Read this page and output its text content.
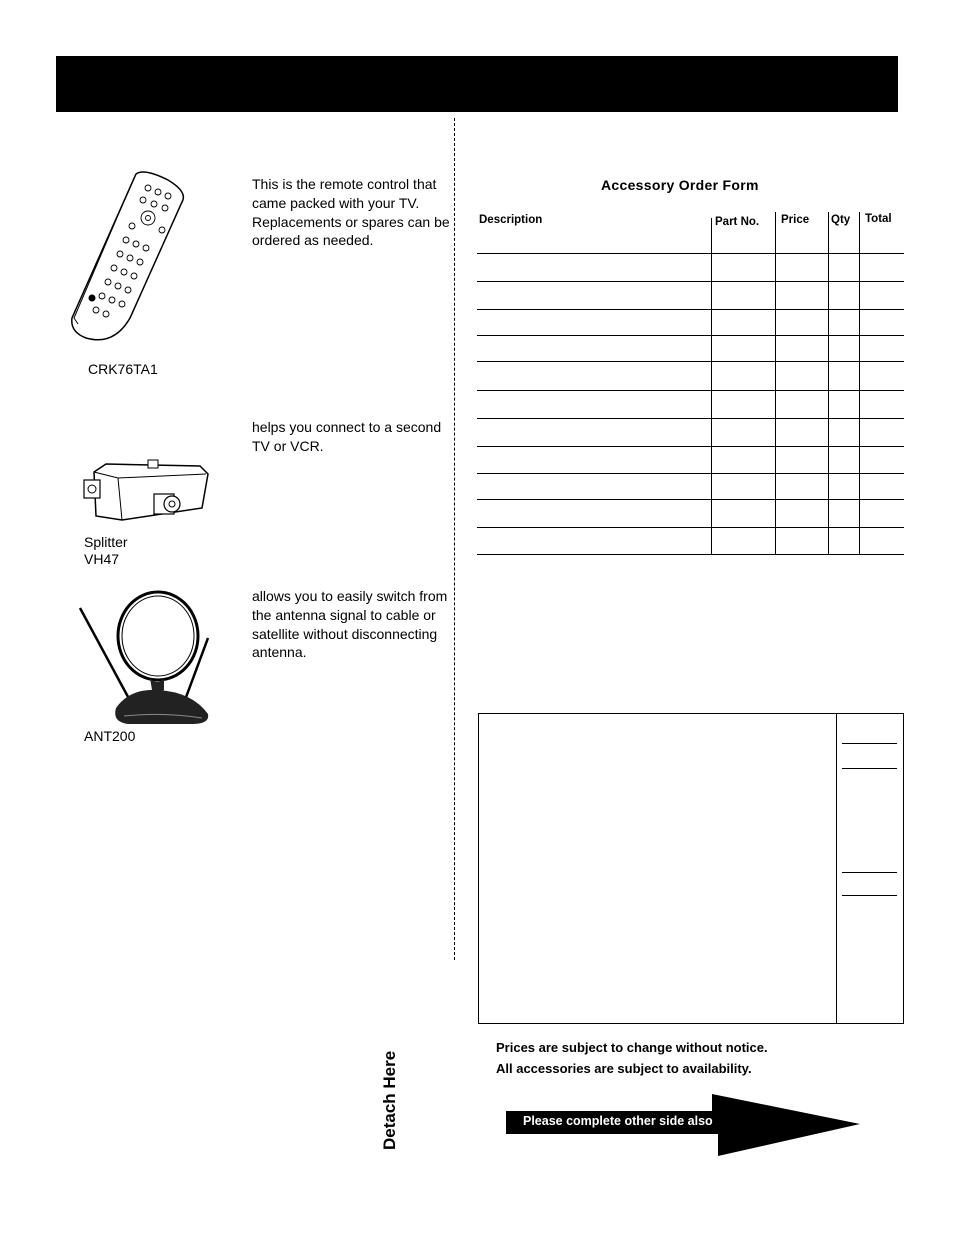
This is the remote control that came packed with your TV. Replacements or spares can be ordered as needed.
CRK76TA1
helps you connect to a second TV or VCR.
Splitter
VH47
allows you to easily switch from the antenna signal to cable or satellite without disconnecting antenna.
ANT200
Accessory Order Form
Description	Part No. Price Qty Total
Prices are subject to change without notice.
All accessories are subject to availability.
Detach Here	Please complete other side also
